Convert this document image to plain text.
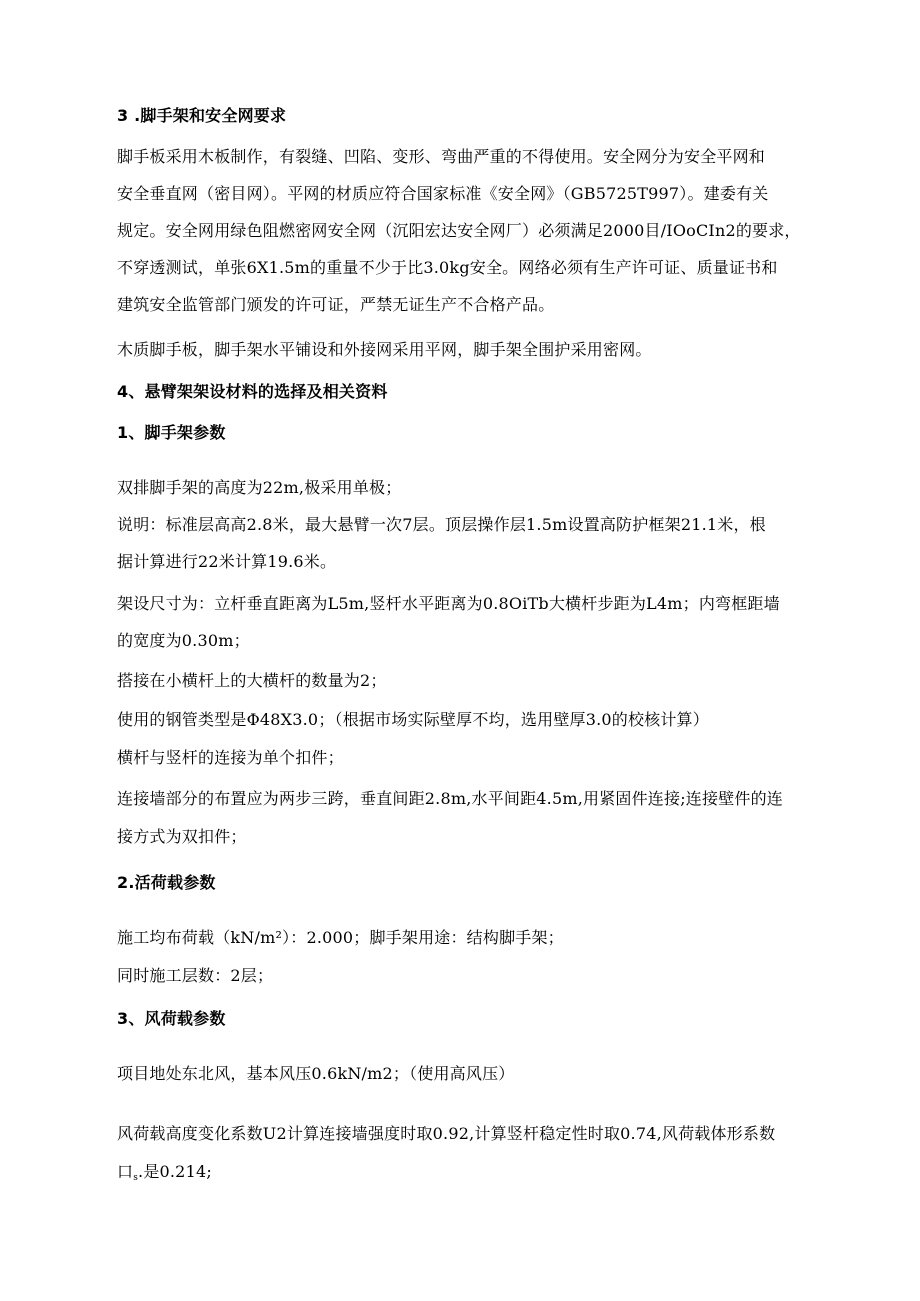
3 .脚手架和安全网要求
脚手板采用木板制作，有裂缝、凹陷、变形、弯曲严重的不得使用。安全网分为安全平网和
安全垂直网（密目网）。平网的材质应符合国家标准《安全网》（GB5725T997）。建委有关
规定。安全网用绿色阻燃密网安全网（沉阳宏达安全网厂）必须满足2000目/IOoCIn2的要求，
不穿透测试，单张6X1.5m的重量不少于比3.0kg安全。网络必须有生产许可证、质量证书和
建筑安全监管部门颁发的许可证，严禁无证生产不合格产品。
木质脚手板，脚手架水平铺设和外接网采用平网，脚手架全围护采用密网。
4、悬臂架架设材料的选择及相关资料
1、脚手架参数
双排脚手架的高度为22m,极采用单极；
说明：标准层高高2.8米，最大悬臂一次7层。顶层操作层1.5m设置高防护框架21.1米，根
据计算进行22米计算19.6米。
架设尺寸为：立杆垂直距离为L5m,竖杆水平距离为0.8OiTb大横杆步距为L4m；内弯框距墙
的宽度为0.30m；
搭接在小横杆上的大横杆的数量为2；
使用的钢管类型是Φ48X3.0；（根据市场实际壁厚不均，选用壁厚3.0的校核计算）
横杆与竖杆的连接为单个扣件；
连接墙部分的布置应为两步三跨，垂直间距2.8m,水平间距4.5m,用紧固件连接;连接壁件的连
接方式为双扣件；
2.活荷载参数
施工均布荷载（kN∕m²）：2.000；脚手架用途：结构脚手架；
同时施工层数：2层；
3、风荷载参数
项目地处东北风，基本风压0.6kN∕m2；（使用高风压）
风荷载高度变化系数U2计算连接墙强度时取0.92,计算竖杆稳定性时取0.74,风荷载体形系数
口$_s$.是0.214;
